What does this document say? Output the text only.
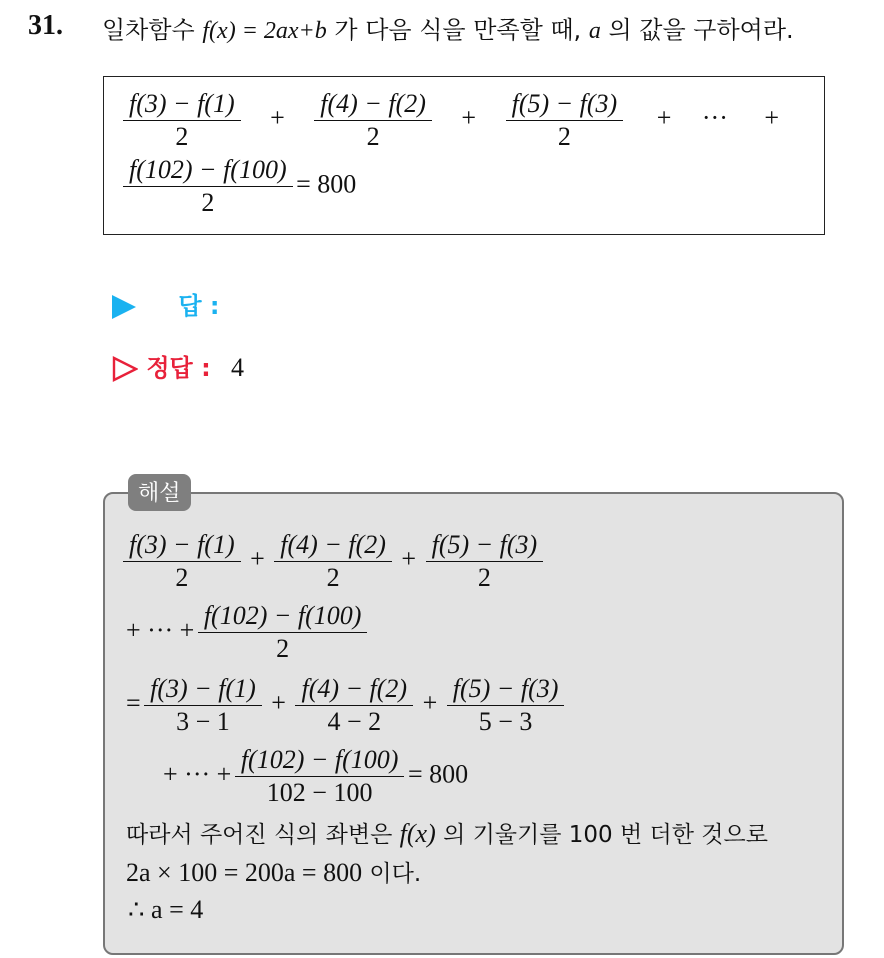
31. 일차함수 f(x) = 2ax+b 가 다음 식을 만족할 때, a 의 값을 구하여라.
$\frac{f(3) - f(1)}{2} + \frac{f(4) - f(2)}{2} + \frac{f(5) - f(3)}{2}$ + ··· +
$\frac{f(102) - f(100)}{2} = 800$
답 :
정답 : 4
해설
$\frac{f(3) - f(1)}{2} + \frac{f(4) - f(2)}{2} + \frac{f(5) - f(3)}{2}$
+ ··· + $\frac{f(102) - f(100)}{2}$
= $\frac{f(3) - f(1)}{3 - 1} + \frac{f(4) - f(2)}{4 - 2} + \frac{f(5) - f(3)}{5 - 3}$
+ ··· + $\frac{f(102) - f(100)}{102 - 100} = 800$
따라서 주어진 식의 좌변은 f(x) 의 기울기를 100 번 더한 것으로
2a × 100 = 200a = 800 이다.
∴ a = 4
